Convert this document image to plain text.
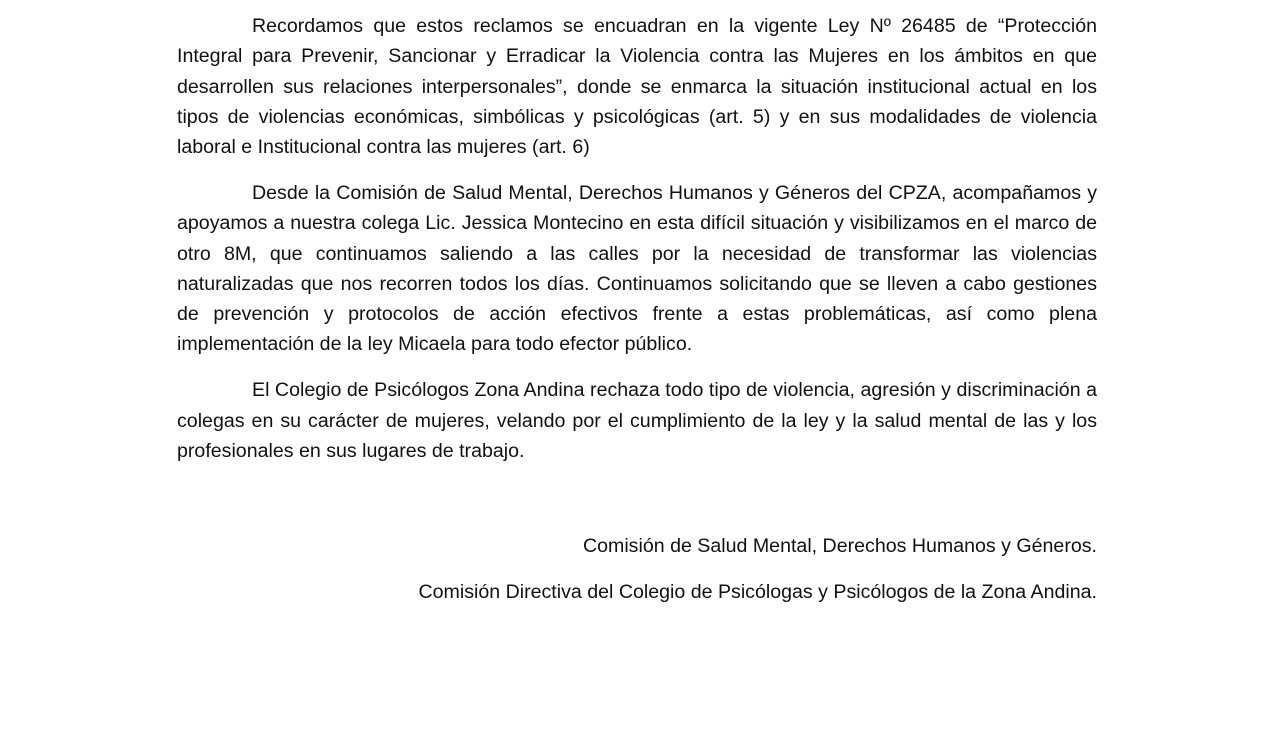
Recordamos que estos reclamos se encuadran en la vigente Ley Nº 26485 de “Protección Integral para Prevenir, Sancionar y Erradicar la Violencia contra las Mujeres en los ámbitos en que desarrollen sus relaciones interpersonales”, donde se enmarca la situación institucional actual en los tipos de violencias económicas, simbólicas y psicológicas (art. 5) y en sus modalidades de violencia laboral e Institucional contra las mujeres (art. 6)

Desde la Comisión de Salud Mental, Derechos Humanos y Géneros del CPZA, acompañamos y apoyamos a nuestra colega Lic. Jessica Montecino en esta difícil situación y visibilizamos en el marco de otro 8M, que continuamos saliendo a las calles por la necesidad de transformar las violencias naturalizadas que nos recorren todos los días. Continuamos solicitando que se lleven a cabo gestiones de prevención y protocolos de acción efectivos frente a estas problemáticas, así como plena implementación de la ley Micaela para todo efector público.

El Colegio de Psicólogos Zona Andina rechaza todo tipo de violencia, agresión y discriminación a colegas en su carácter de mujeres, velando por el cumplimiento de la ley y la salud mental de las y los profesionales en sus lugares de trabajo.

Comisión de Salud Mental, Derechos Humanos y Géneros.

Comisión Directiva del Colegio de Psicólogas y Psicólogos de la Zona Andina.
